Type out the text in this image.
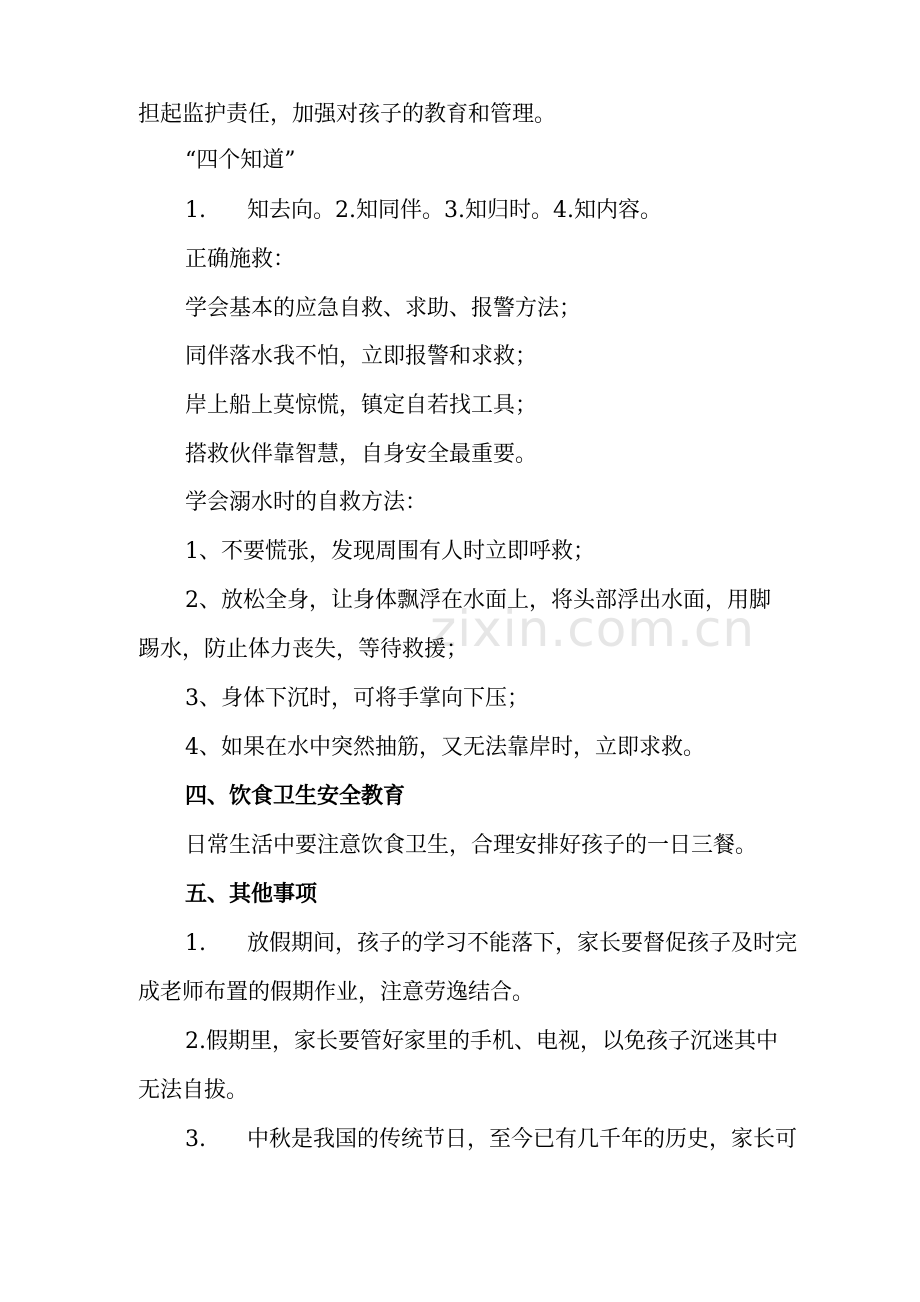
zixin.com.cn
担起监护责任，加强对孩子的教育和管理。
“四个知道”
1. 知去向。2.知同伴。3.知归时。4.知内容。
正确施救：
学会基本的应急自救、求助、报警方法；
同伴落水我不怕，立即报警和求救；
岸上船上莫惊慌，镇定自若找工具；
搭救伙伴靠智慧，自身安全最重要。
学会溺水时的自救方法：
1、不要慌张，发现周围有人时立即呼救；
2、放松全身，让身体飘浮在水面上，将头部浮出水面，用脚
踢水，防止体力丧失，等待救援；
3、身体下沉时，可将手掌向下压；
4、如果在水中突然抽筋，又无法靠岸时，立即求救。
四、饮食卫生安全教育
日常生活中要注意饮食卫生，合理安排好孩子的一日三餐。
五、其他事项
1. 放假期间，孩子的学习不能落下，家长要督促孩子及时完
成老师布置的假期作业，注意劳逸结合。
2.假期里，家长要管好家里的手机、电视，以免孩子沉迷其中
无法自拔。
3. 中秋是我国的传统节日，至今已有几千年的历史，家长可
